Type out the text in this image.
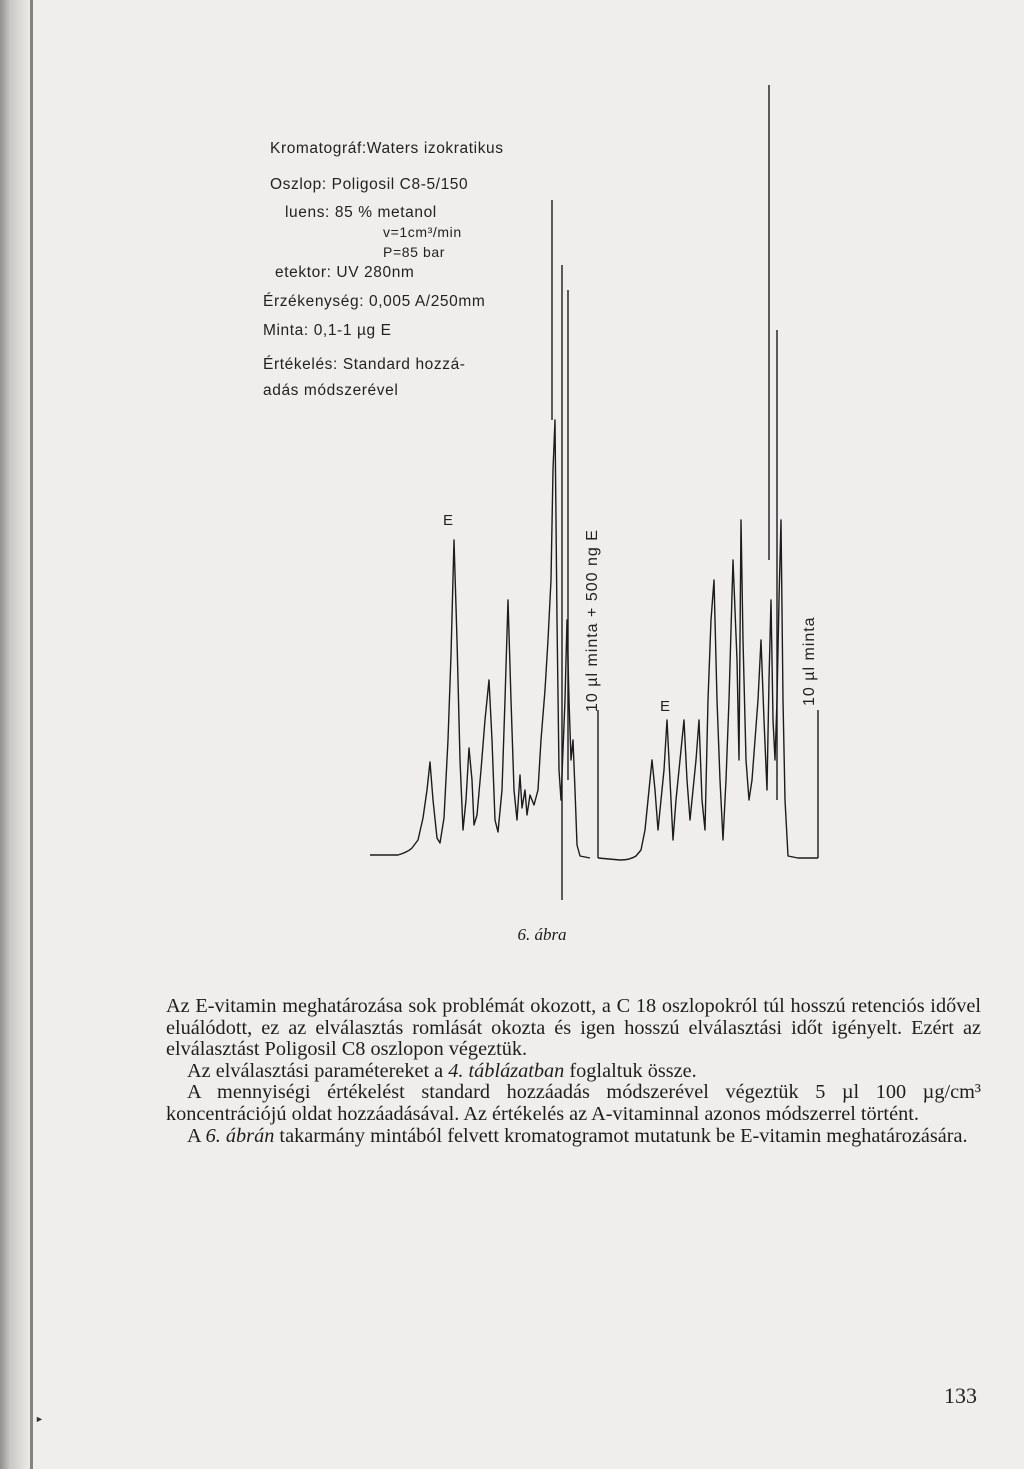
Kromatográf:Waters izokratikus
Oszlop: Poligosil C8-5/150
luens: 85 % metanol
v=1cm³/min
P=85 bar
etektor: UV 280nm
Érzékenység: 0,005 A/250mm
Minta: 0,1-1 µg E
Értékelés: Standard hozzá-
adás módszerével
E
E
10 µl minta + 500 ng E	10 µl minta
6. ábra

Az E-vitamin meghatározása sok problémát okozott, a C 18 oszlopokról túl hosszú retenciós idővel eluálódott, ez az elválasztás romlását okozta és igen hosszú elválasztási időt igényelt. Ezért az elválasztást Poligosil C8 oszlopon végeztük.

Az elválasztási paramétereket a 4. táblázatban foglaltuk össze.

A mennyiségi értékelést standard hozzáadás módszerével végeztük 5 µl 100 µg/cm³ koncentrációjú oldat hozzáadásával. Az értékelés az A-vitaminnal azonos módszerrel történt.

A 6. ábrán takarmány mintából felvett kromatogramot mutatunk be E-vitamin meghatározására.

133
►
